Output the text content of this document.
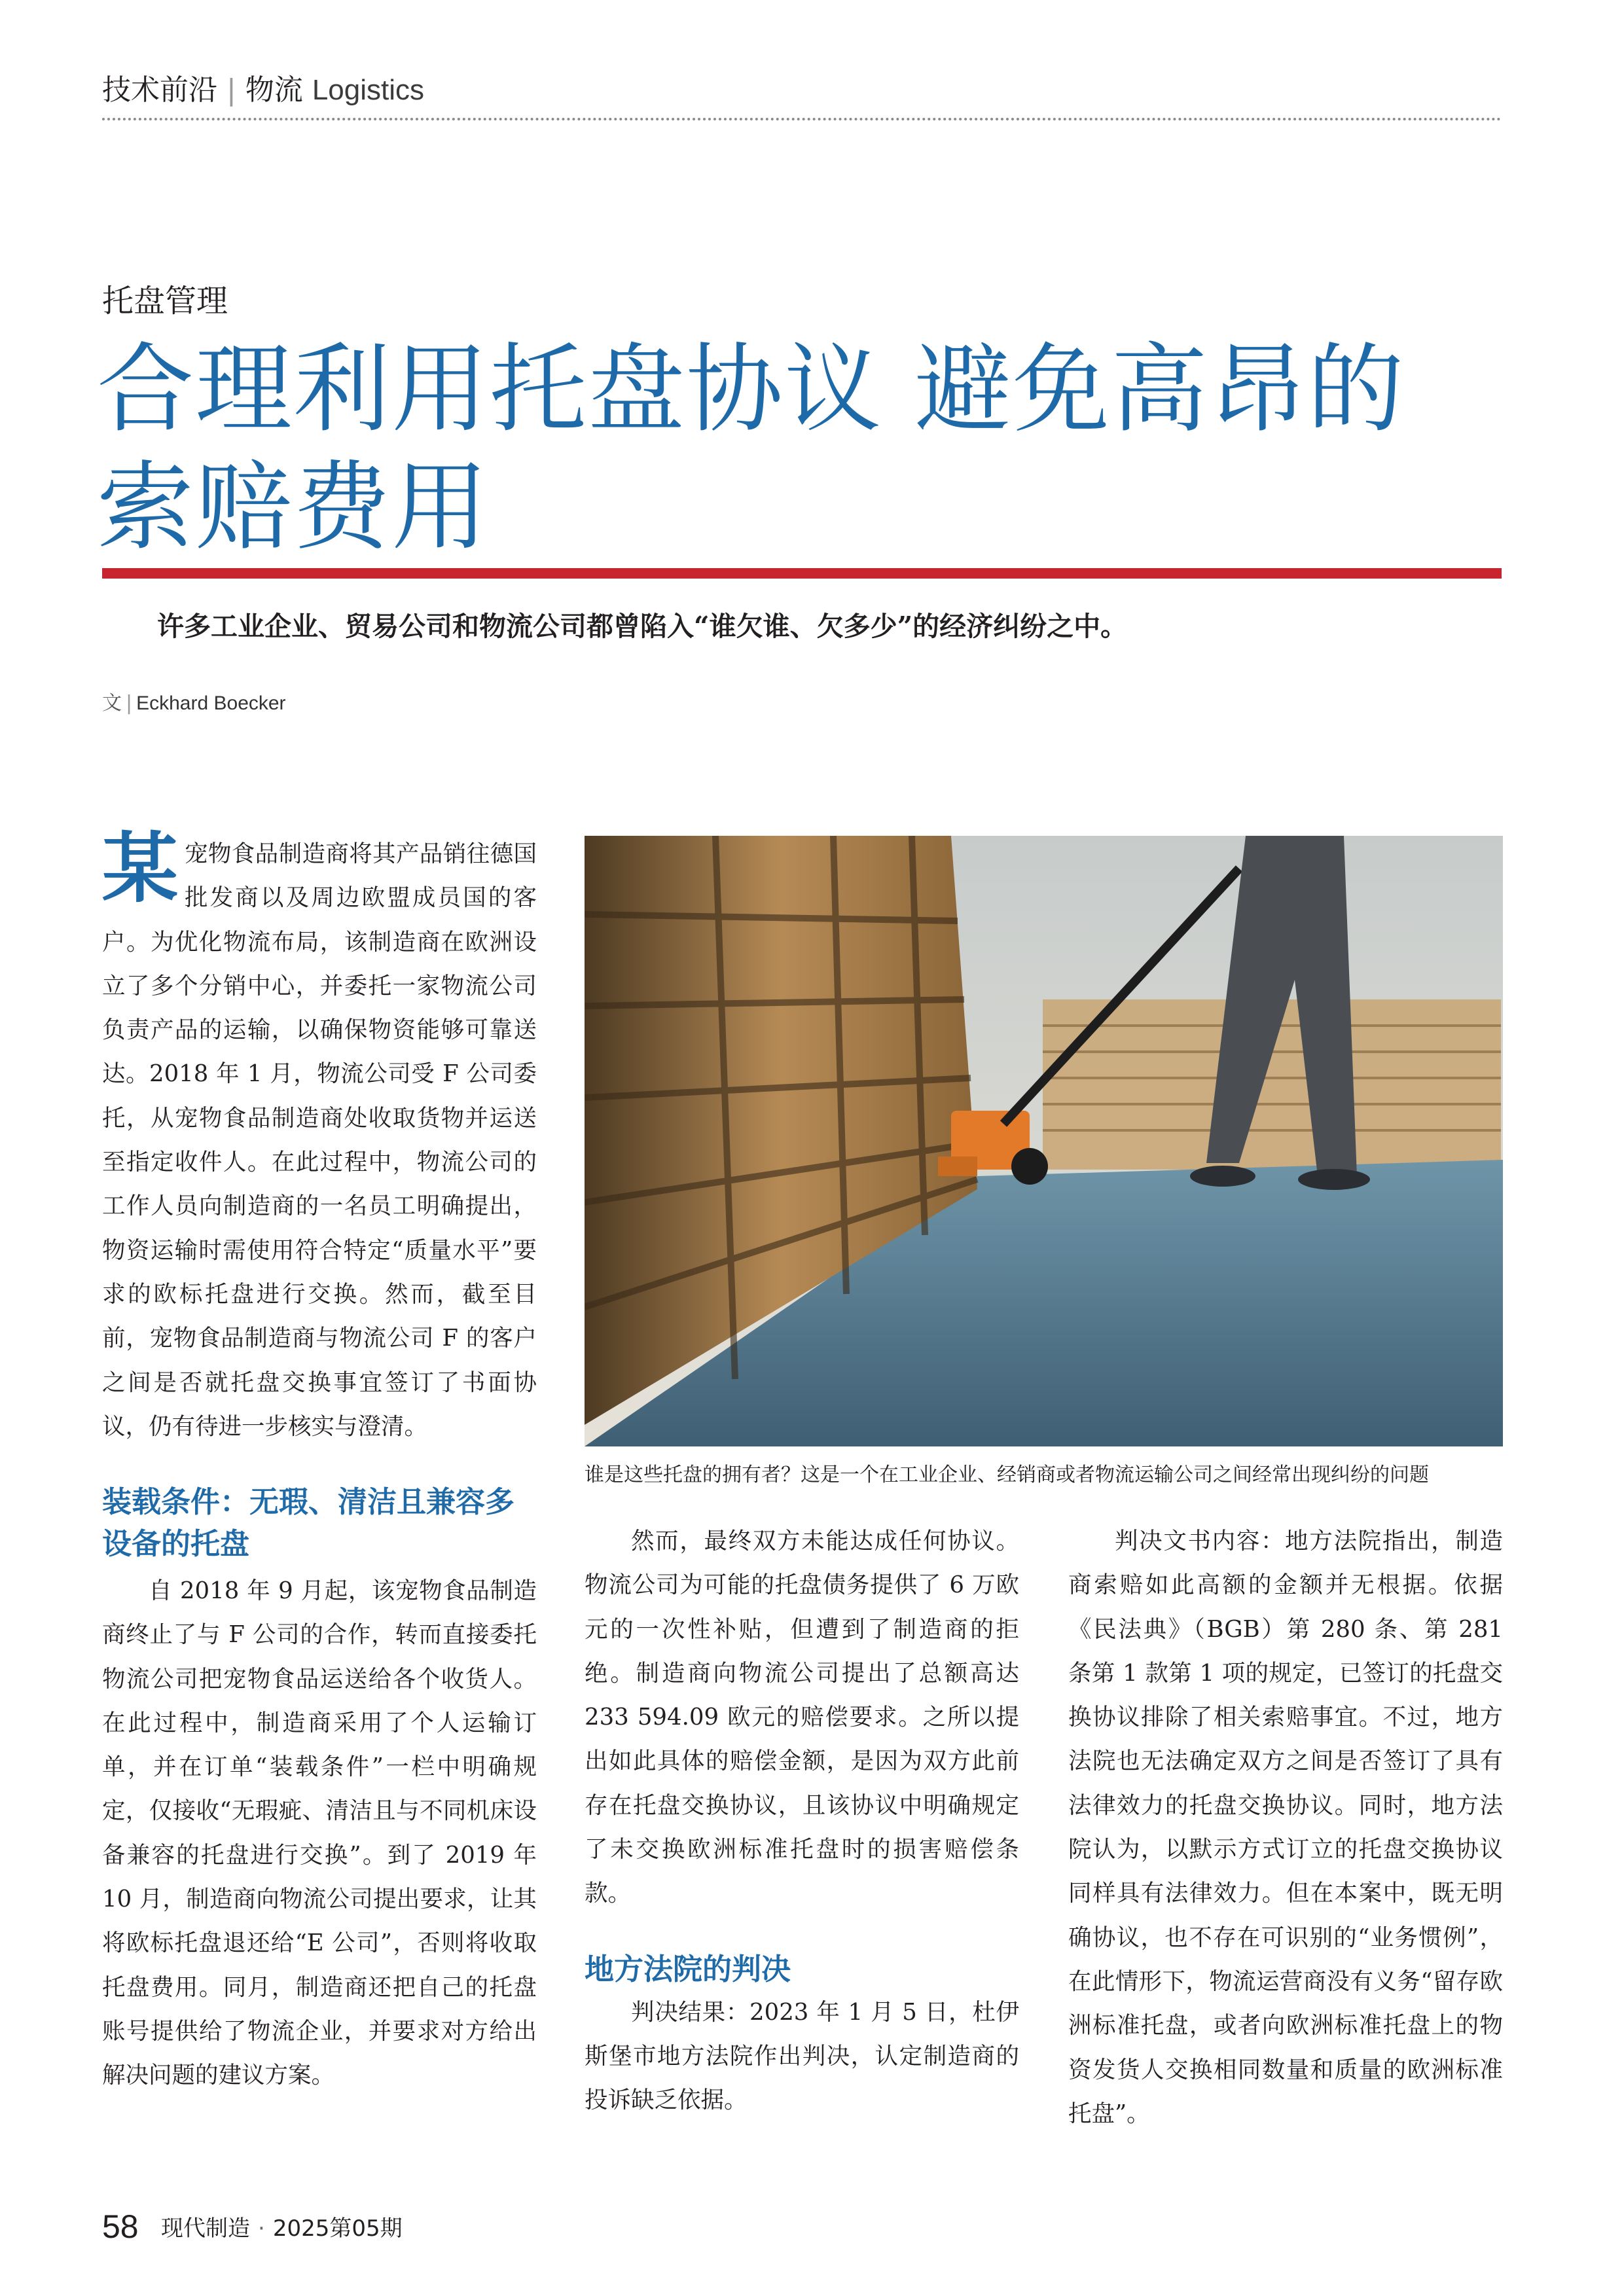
技术前沿 | 物流 Logistics
托盘管理
合理利用托盘协议 避免高昂的
索赔费用
许多工业企业、贸易公司和物流公司都曾陷入“谁欠谁、欠多少”的经济纠纷之中。
文 | Eckhard Boecker

某宠物食品制造商将其产品销往德国批发商以及周边欧盟成员国的客户。为优化物流布局，该制造商在欧洲设立了多个分销中心，并委托一家物流公司负责产品的运输，以确保物资能够可靠送达。2018 年 1 月，物流公司受 F 公司委托，从宠物食品制造商处收取货物并运送至指定收件人。在此过程中，物流公司的工作人员向制造商的一名员工明确提出，物资运输时需使用符合特定“质量水平”要求的欧标托盘进行交换。然而，截至目前，宠物食品制造商与物流公司 F 的客户之间是否就托盘交换事宜签订了书面协议，仍有待进一步核实与澄清。

装载条件：无瑕、清洁且兼容多设备的托盘

自 2018 年 9 月起，该宠物食品制造商终止了与 F 公司的合作，转而直接委托物流公司把宠物食品运送给各个收货人。在此过程中，制造商采用了个人运输订单，并在订单“装载条件”一栏中明确规定，仅接收“无瑕疵、清洁且与不同机床设备兼容的托盘进行交换”。到了 2019 年 10 月，制造商向物流公司提出要求，让其将欧标托盘退还给“E 公司”，否则将收取托盘费用。同月，制造商还把自己的托盘账号提供给了物流企业，并要求对方给出解决问题的建议方案。

谁是这些托盘的拥有者？这是一个在工业企业、经销商或者物流运输公司之间经常出现纠纷的问题

然而，最终双方未能达成任何协议。物流公司为可能的托盘债务提供了 6 万欧元的一次性补贴，但遭到了制造商的拒绝。制造商向物流公司提出了总额高达 233 594.09 欧元的赔偿要求。之所以提出如此具体的赔偿金额，是因为双方此前存在托盘交换协议，且该协议中明确规定了未交换欧洲标准托盘时的损害赔偿条款。

地方法院的判决

判决结果：2023 年 1 月 5 日，杜伊斯堡市地方法院作出判决，认定制造商的投诉缺乏依据。

判决文书内容：地方法院指出，制造商索赔如此高额的金额并无根据。依据《民法典》（BGB）第 280 条、第 281 条第 1 款第 1 项的规定，已签订的托盘交换协议排除了相关索赔事宜。不过，地方法院也无法确定双方之间是否签订了具有法律效力的托盘交换协议。同时，地方法院认为，以默示方式订立的托盘交换协议同样具有法律效力。但在本案中，既无明确协议，也不存在可识别的“业务惯例”，在此情形下，物流运营商没有义务“留存欧洲标准托盘，或者向欧洲标准托盘上的物资发货人交换相同数量和质量的欧洲标准托盘”。

58 现代制造 · 2025第05期
